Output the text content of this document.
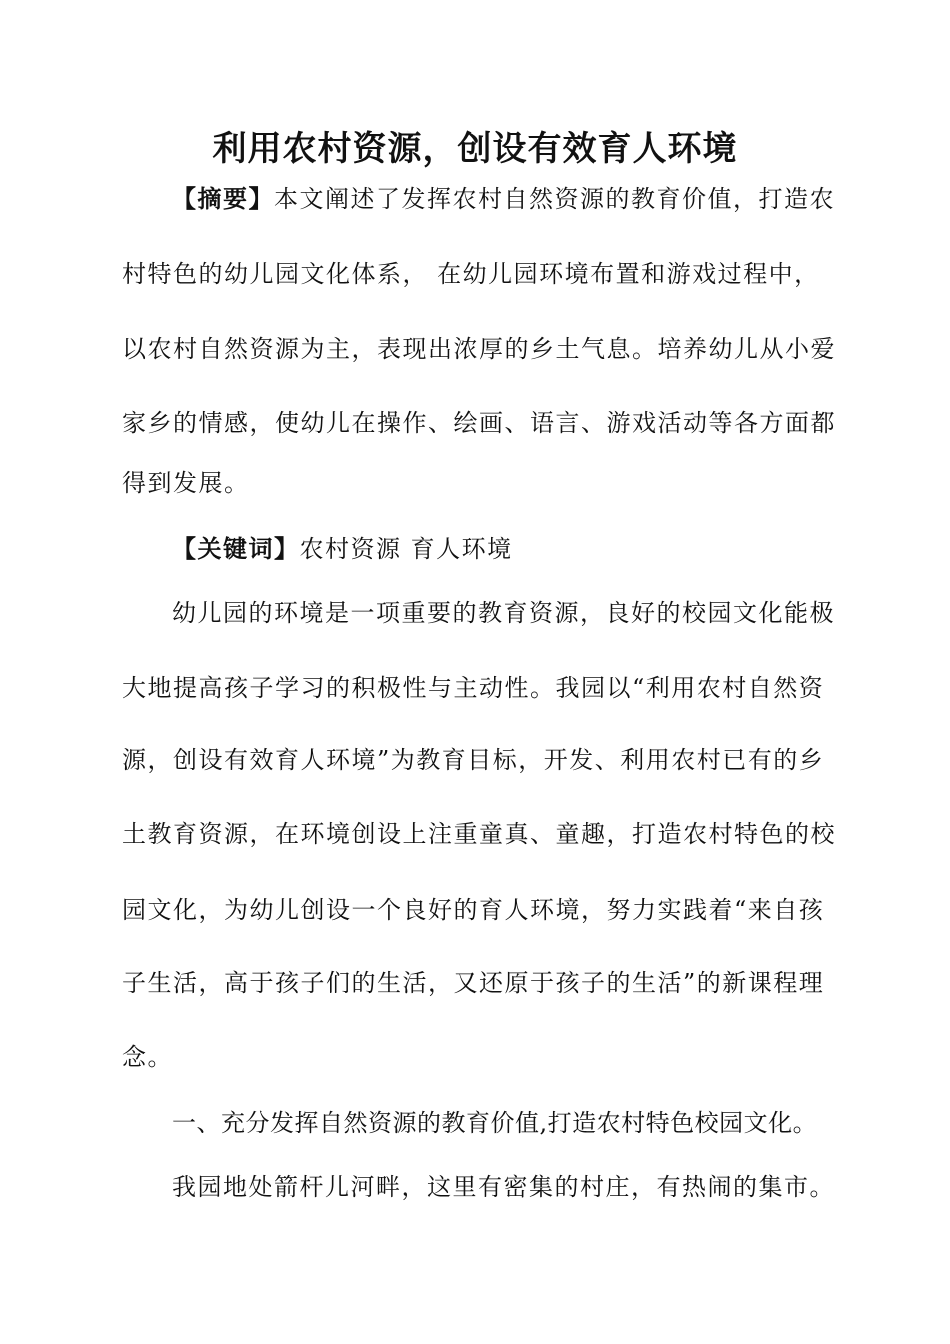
利用农村资源，创设有效育人环境
【摘要】本文阐述了发挥农村自然资源的教育价值，打造农
村特色的幼儿园文化体系， 在幼儿园环境布置和游戏过程中，
以农村自然资源为主，表现出浓厚的乡土气息。培养幼儿从小爱
家乡的情感，使幼儿在操作、绘画、语言、游戏活动等各方面都
得到发展。
【关键词】农村资源 育人环境
幼儿园的环境是一项重要的教育资源，良好的校园文化能极
大地提高孩子学习的积极性与主动性。我园以“利用农村自然资
源，创设有效育人环境”为教育目标，开发、利用农村已有的乡
土教育资源，在环境创设上注重童真、童趣，打造农村特色的校
园文化，为幼儿创设一个良好的育人环境，努力实践着“来自孩
子生活，高于孩子们的生活，又还原于孩子的生活”的新课程理
念。
一、充分发挥自然资源的教育价值,打造农村特色校园文化。
我园地处箭杆儿河畔，这里有密集的村庄，有热闹的集市。
